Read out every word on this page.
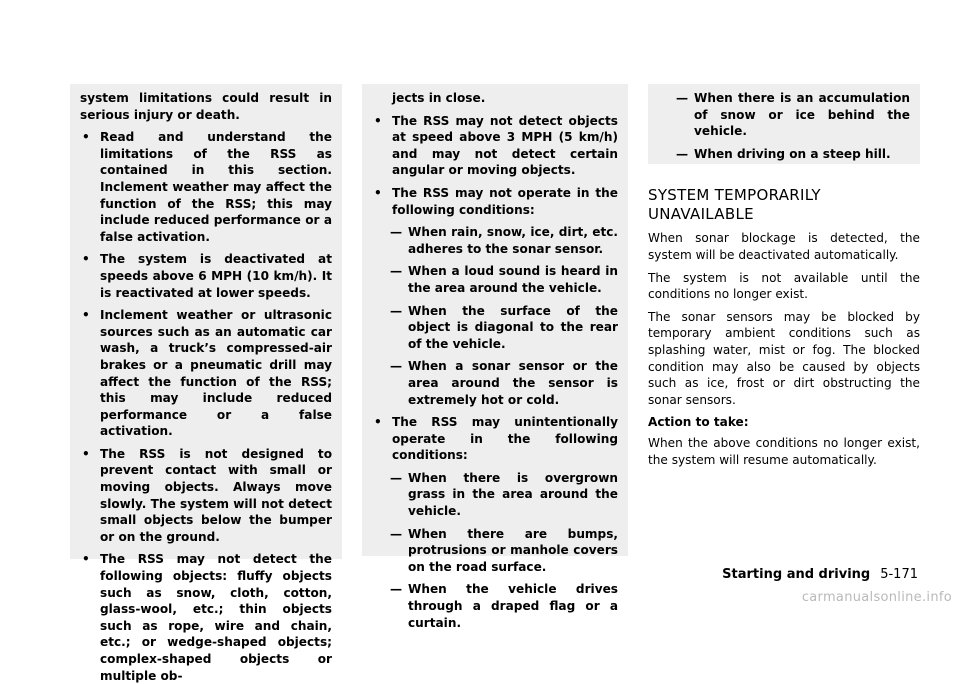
system limitations could result in serious injury or death.

• Read and understand the limitations of the RSS as contained in this section. Inclement weather may affect the function of the RSS; this may include reduced performance or a false activation.
• The system is deactivated at speeds above 6 MPH (10 km/h). It is reactivated at lower speeds.
• Inclement weather or ultrasonic sources such as an automatic car wash, a truck’s compressed-air brakes or a pneumatic drill may affect the function of the RSS; this may include reduced performance or a false activation.
• The RSS is not designed to prevent contact with small or moving objects. Always move slowly. The system will not detect small objects below the bumper or on the ground.
• The RSS may not detect the following objects: fluffy objects such as snow, cloth, cotton, glass-wool, etc.; thin objects such as rope, wire and chain, etc.; or wedge-shaped objects; complex-shaped objects or multiple ob-

jects in close.

• The RSS may not detect objects at speed above 3 MPH (5 km/h) and may not detect certain angular or moving objects.
• The RSS may not operate in the following conditions:
— When rain, snow, ice, dirt, etc. adheres to the sonar sensor.
— When a loud sound is heard in the area around the vehicle.
— When the surface of the object is diagonal to the rear of the vehicle.
— When a sonar sensor or the area around the sensor is extremely hot or cold.
• The RSS may unintentionally operate in the following conditions:
— When there is overgrown grass in the area around the vehicle.
— When there are bumps, protrusions or manhole covers on the road surface.
— When the vehicle drives through a draped flag or a curtain.
— When there is an accumulation of snow or ice behind the vehicle.
— When driving on a steep hill.
SYSTEM TEMPORARILY UNAVAILABLE

When sonar blockage is detected, the system will be deactivated automatically.

The system is not available until the conditions no longer exist.

The sonar sensors may be blocked by temporary ambient conditions such as splashing water, mist or fog. The blocked condition may also be caused by objects such as ice, frost or dirt obstructing the sonar sensors.

Action to take:

When the above conditions no longer exist, the system will resume automatically.

Starting and driving 5-171
carmanualsonline.info
